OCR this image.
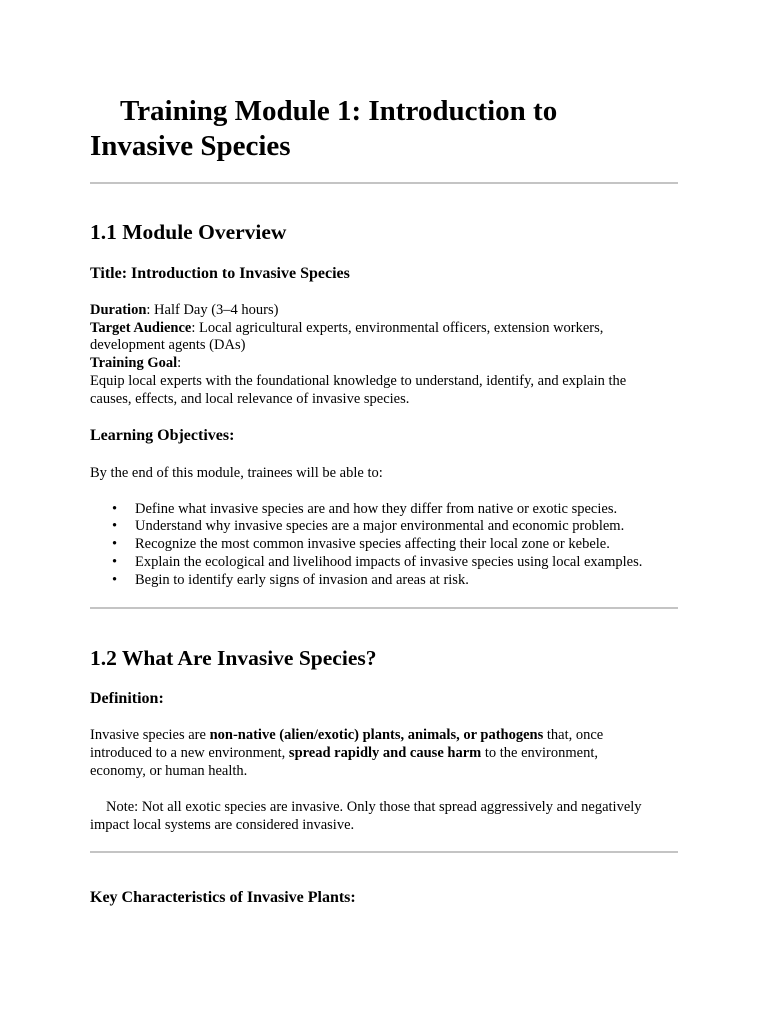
Training Module 1: Introduction to
Invasive Species
1.1 Module Overview
Title: Introduction to Invasive Species

Duration: Half Day (3–4 hours)

Target Audience: Local agricultural experts, environmental officers, extension workers,

development agents (DAs)

Training Goal:

Equip local experts with the foundational knowledge to understand, identify, and explain the

causes, effects, and local relevance of invasive species.

Learning Objectives:

By the end of this module, trainees will be able to:

• Define what invasive species are and how they differ from native or exotic species.
• Understand why invasive species are a major environmental and economic problem.
• Recognize the most common invasive species affecting their local zone or kebele.
• Explain the ecological and livelihood impacts of invasive species using local examples.
• Begin to identify early signs of invasion and areas at risk.
1.2 What Are Invasive Species?
Definition:

Invasive species are non-native (alien/exotic) plants, animals, or pathogens that, once

introduced to a new environment, spread rapidly and cause harm to the environment,

economy, or human health.

Note: Not all exotic species are invasive. Only those that spread aggressively and negatively

impact local systems are considered invasive.

Key Characteristics of Invasive Plants:
